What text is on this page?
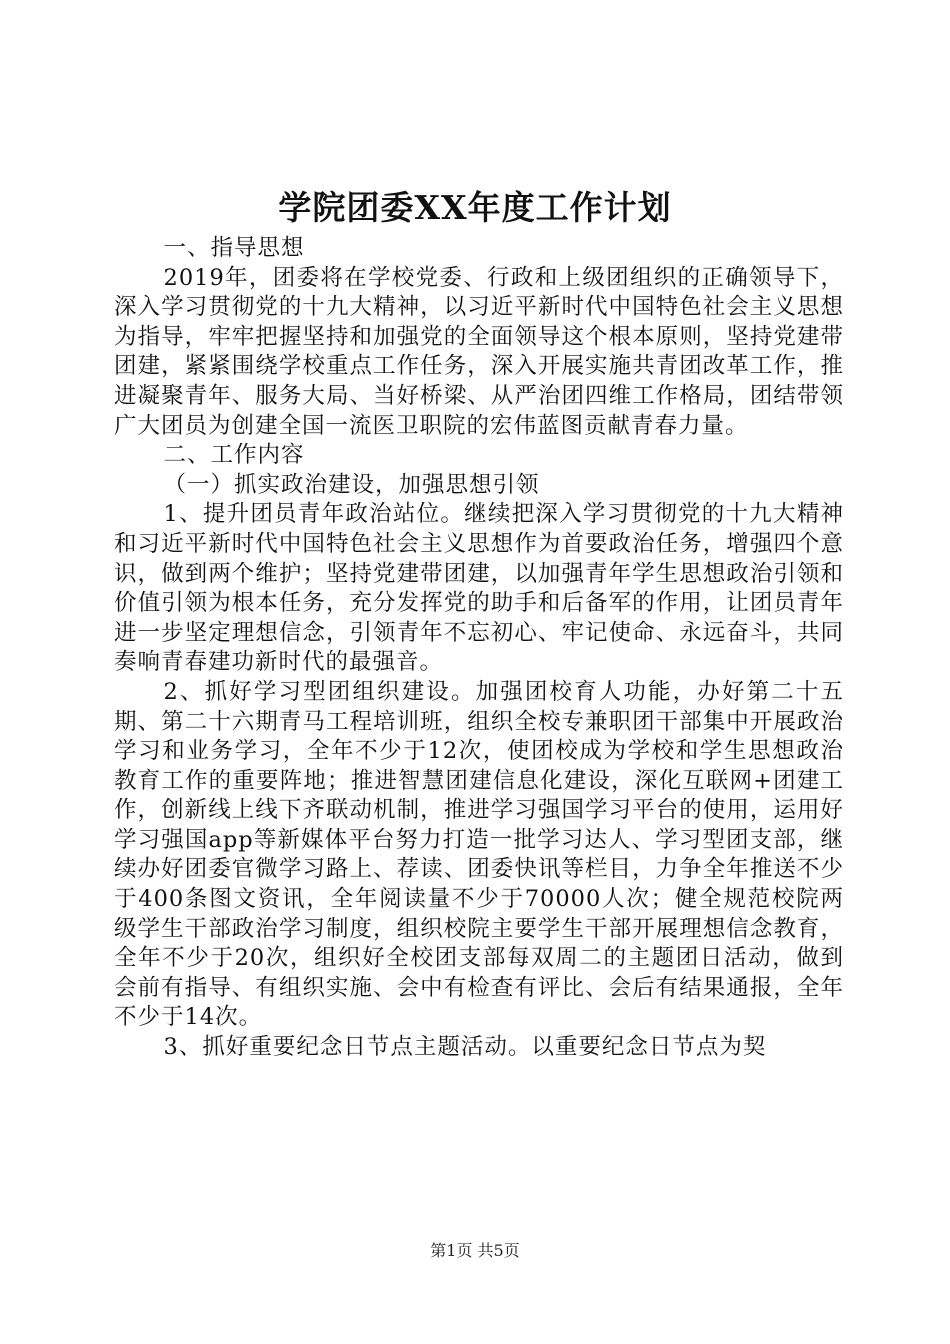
学院团委XX年度工作计划

一、指导思想

2019年，团委将在学校党委、行政和上级团组织的正确领导下，深入学习贯彻党的十九大精神，以习近平新时代中国特色社会主义思想为指导，牢牢把握坚持和加强党的全面领导这个根本原则，坚持党建带团建，紧紧围绕学校重点工作任务，深入开展实施共青团改革工作，推进凝聚青年、服务大局、当好桥梁、从严治团四维工作格局，团结带领广大团员为创建全国一流医卫职院的宏伟蓝图贡献青春力量。

二、工作内容

（一）抓实政治建设，加强思想引领

1、提升团员青年政治站位。继续把深入学习贯彻党的十九大精神和习近平新时代中国特色社会主义思想作为首要政治任务，增强四个意识，做到两个维护；坚持党建带团建，以加强青年学生思想政治引领和价值引领为根本任务，充分发挥党的助手和后备军的作用，让团员青年进一步坚定理想信念，引领青年不忘初心、牢记使命、永远奋斗，共同奏响青春建功新时代的最强音。

2、抓好学习型团组织建设。加强团校育人功能，办好第二十五期、第二十六期青马工程培训班，组织全校专兼职团干部集中开展政治学习和业务学习，全年不少于12次，使团校成为学校和学生思想政治教育工作的重要阵地；推进智慧团建信息化建设，深化互联网+团建工作，创新线上线下齐联动机制，推进学习强国学习平台的使用，运用好学习强国app等新媒体平台努力打造一批学习达人、学习型团支部，继续办好团委官微学习路上、荐读、团委快讯等栏目，力争全年推送不少于400条图文资讯，全年阅读量不少于70000人次；健全规范校院两级学生干部政治学习制度，组织校院主要学生干部开展理想信念教育，全年不少于20次，组织好全校团支部每双周二的主题团日活动，做到会前有指导、有组织实施、会中有检查有评比、会后有结果通报，全年不少于14次。

3、抓好重要纪念日节点主题活动。以重要纪念日节点为契

第1页 共5页
